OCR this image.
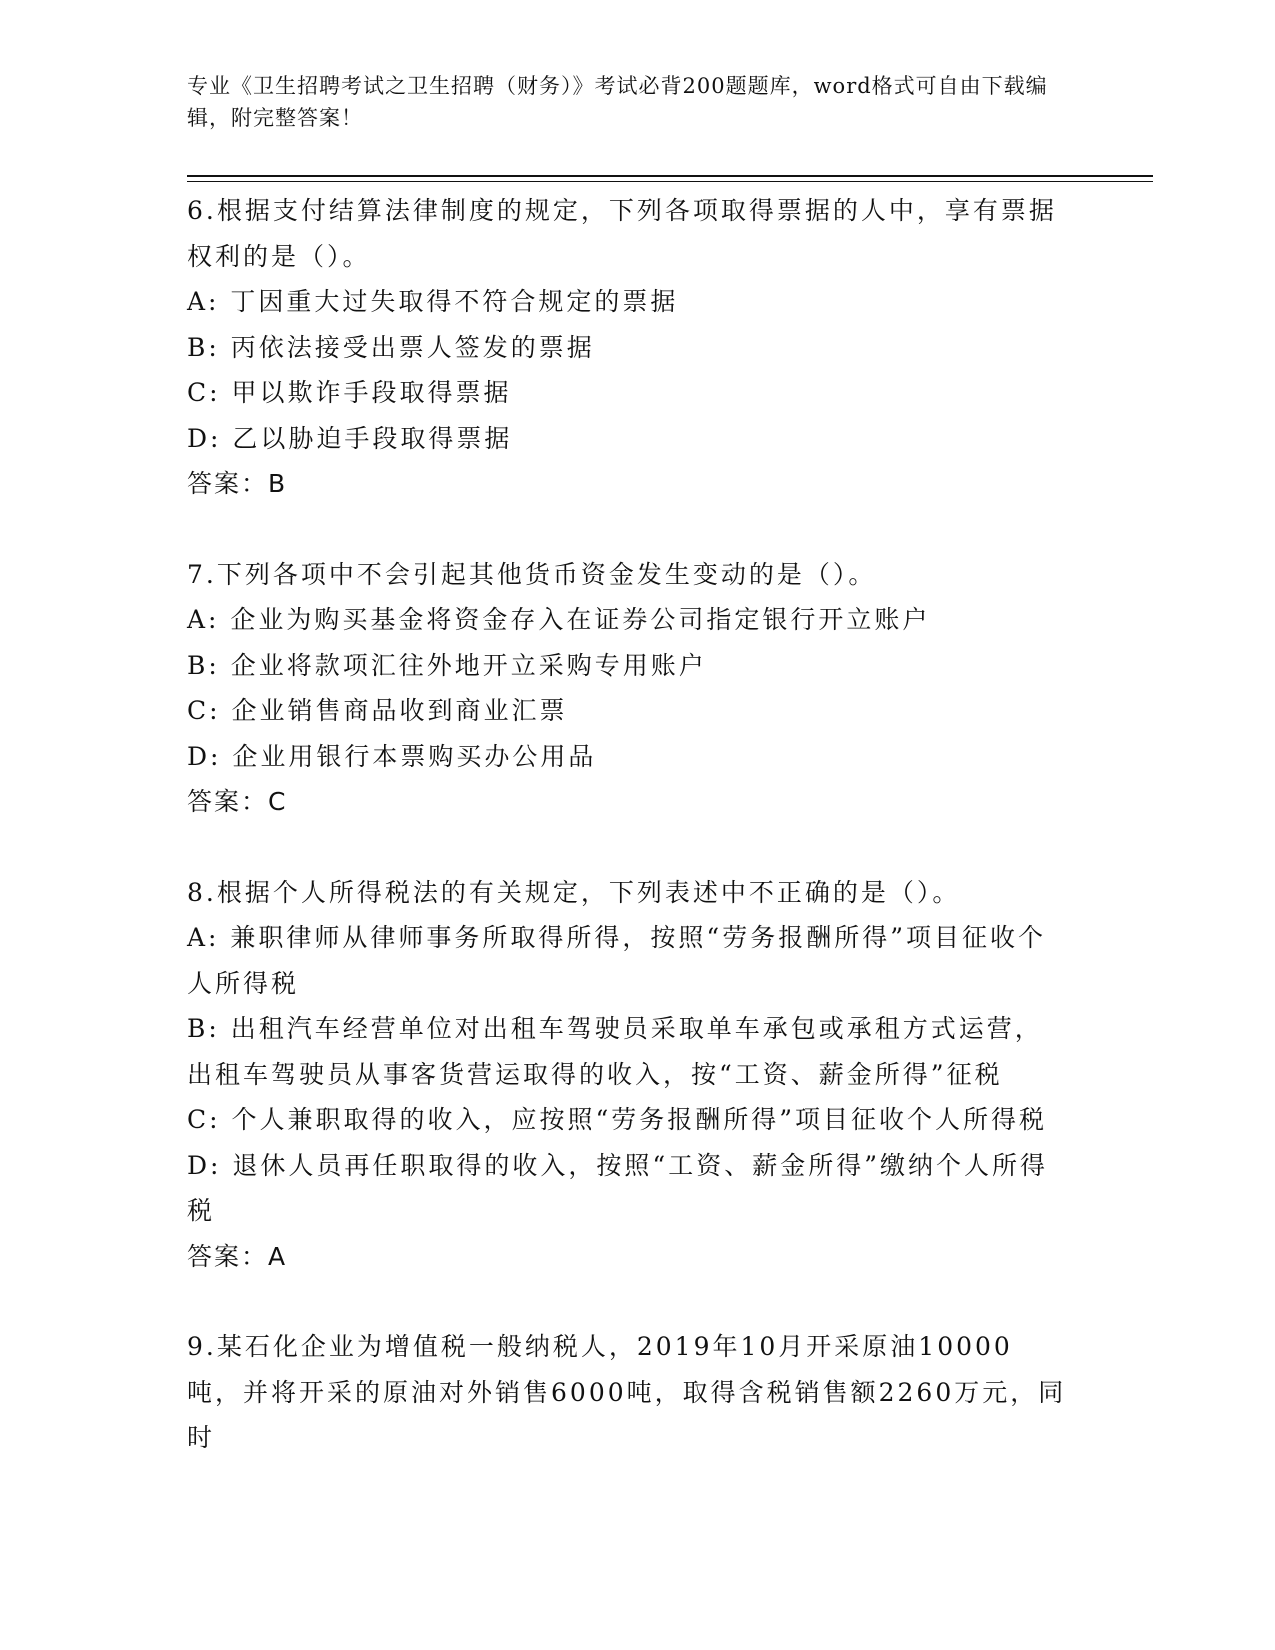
专业《卫生招聘考试之卫生招聘（财务）》考试必背200题题库，word格式可自由下载编辑，附完整答案！

6.根据支付结算法律制度的规定，下列各项取得票据的人中，享有票据权利的是（）。

A: 丁因重大过失取得不符合规定的票据

B: 丙依法接受出票人签发的票据

C: 甲以欺诈手段取得票据

D: 乙以胁迫手段取得票据

答案：B

7.下列各项中不会引起其他货币资金发生变动的是（）。

A: 企业为购买基金将资金存入在证券公司指定银行开立账户

B: 企业将款项汇往外地开立采购专用账户

C: 企业销售商品收到商业汇票

D: 企业用银行本票购买办公用品

答案：C

8.根据个人所得税法的有关规定，下列表述中不正确的是（）。

A: 兼职律师从律师事务所取得所得，按照“劳务报酬所得”项目征收个人所得税

B: 出租汽车经营单位对出租车驾驶员采取单车承包或承租方式运营，出租车驾驶员从事客货营运取得的收入，按“工资、薪金所得”征税

C: 个人兼职取得的收入，应按照“劳务报酬所得”项目征收个人所得税

D: 退休人员再任职取得的收入，按照“工资、薪金所得”缴纳个人所得税

答案：A

9.某石化企业为增值税一般纳税人，2019年10月开采原油10000吨，并将开采的原油对外销售6000吨，取得含税销售额2260万元，同时
